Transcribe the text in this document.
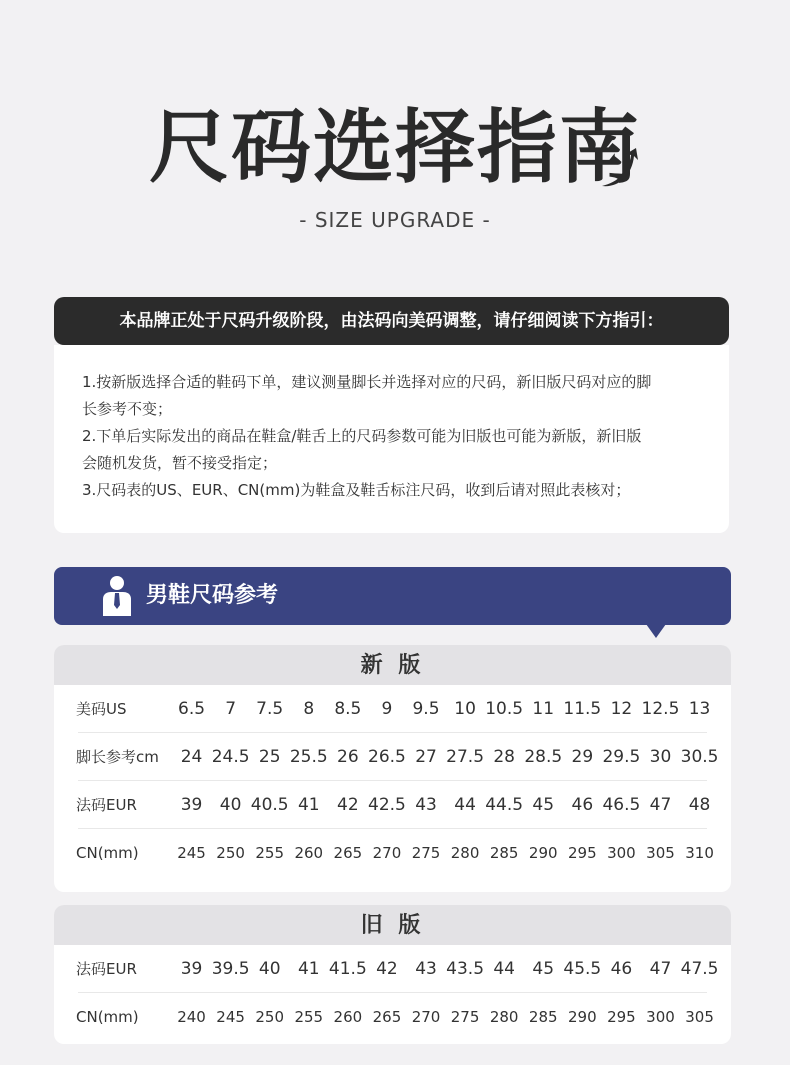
尺码选择指南
- SIZE UPGRADE -
本品牌正处于尺码升级阶段，由法码向美码调整，请仔细阅读下方指引：
1.按新版选择合适的鞋码下单，建议测量脚长并选择对应的尺码，新旧版尺码对应的脚
长参考不变；
2.下单后实际发出的商品在鞋盒/鞋舌上的尺码参数可能为旧版也可能为新版，新旧版
会随机发货，暂不接受指定；
3.尺码表的US、EUR、CN(mm)为鞋盒及鞋舌标注尺码，收到后请对照此表核对；
男鞋尺码参考
新 版
美码US	6.5	7	7.5	8	8.5	9	9.5 10 10.5 11 11.5 12 12.5 13
脚长参考cm	24 24.5 25 25.5 26 26.5 27 27.5 28 28.5 29 29.5 30 30.5
法码EUR	39	40 40.5 41	42 42.5 43	44 44.5 45	46 46.5 47	48
CN(mm)	245 250 255 260 265 270 275 280 285 290 295 300 305 310
旧 版
法码EUR	39 39.5 40	41 41.5 42	43 43.5 44	45 45.5 46	47 47.5
CN(mm)	240 245 250 255 260 265 270 275 280 285 290 295 300 305
